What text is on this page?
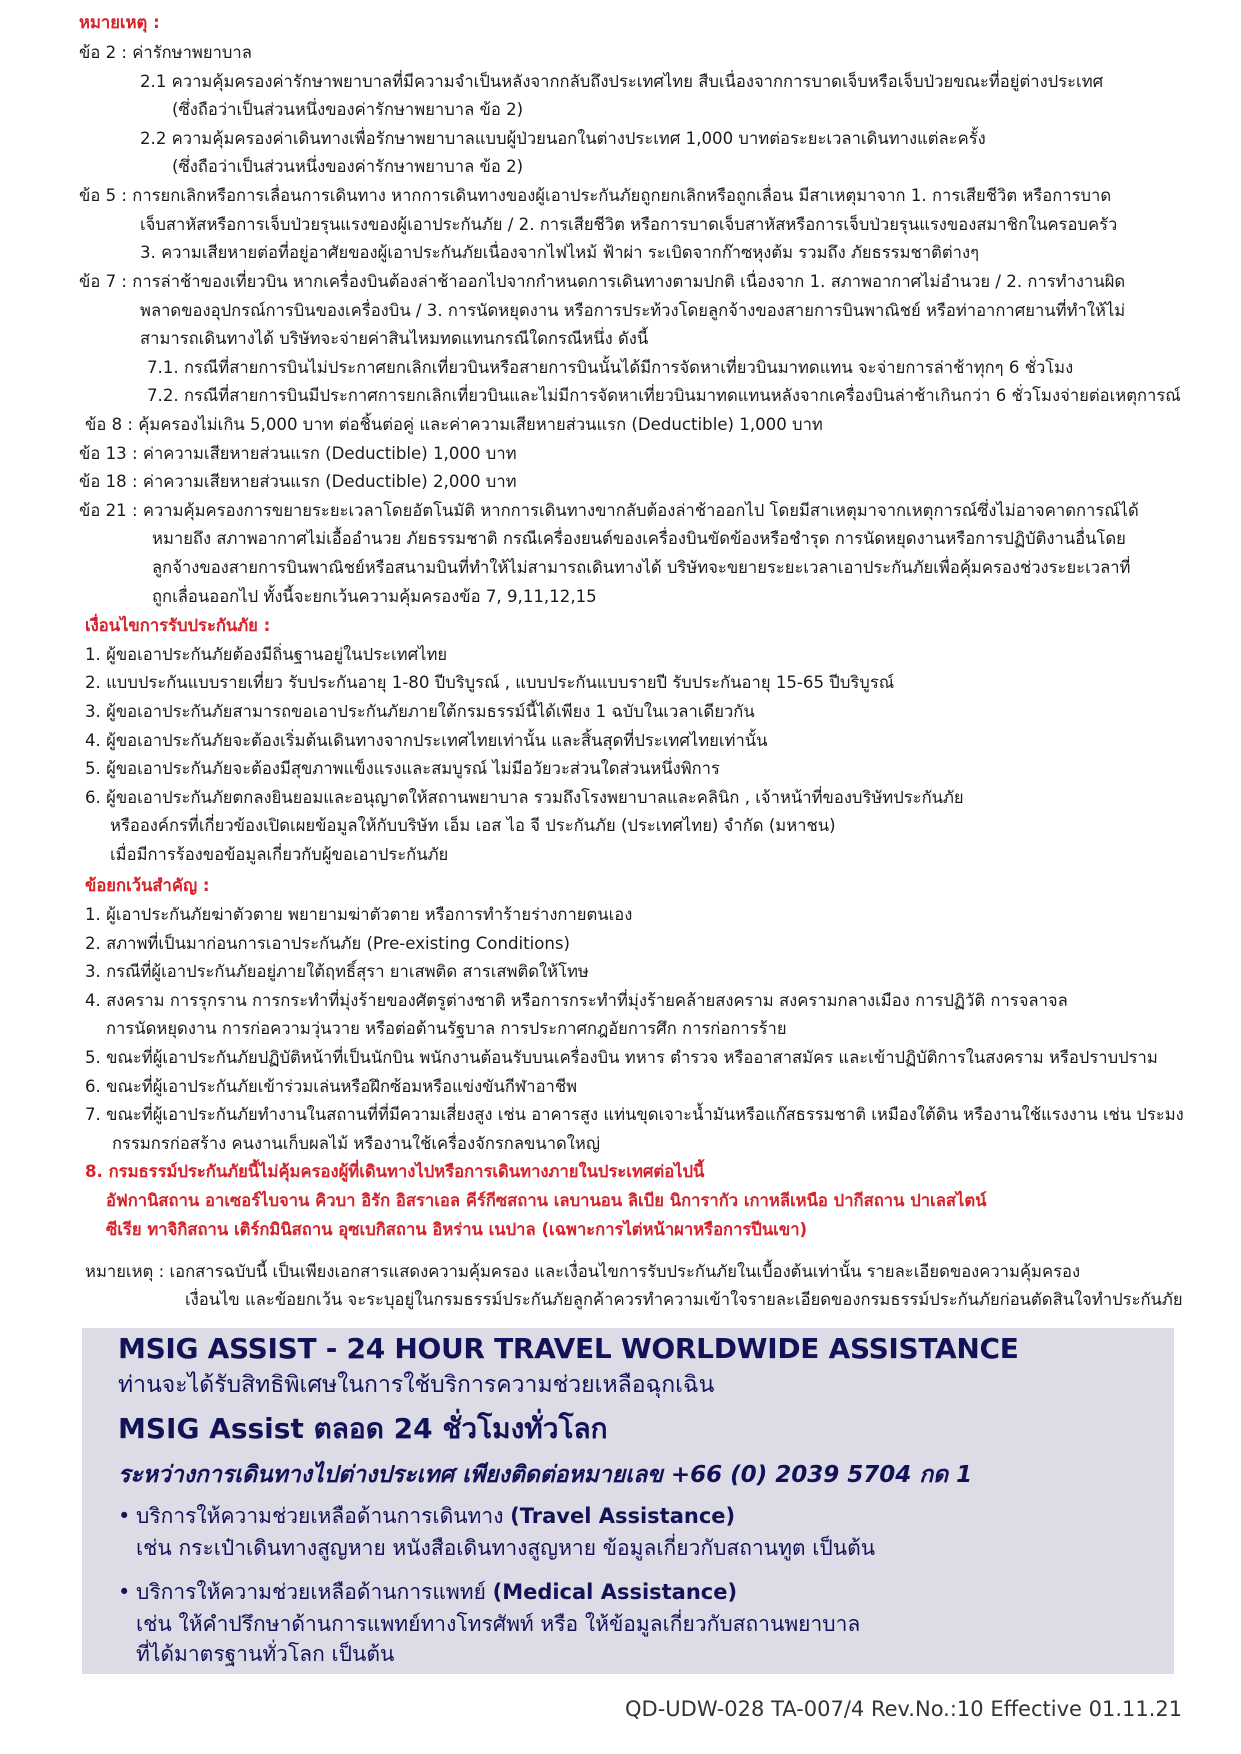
หมายเหตุ :
ข้อ 2 : ค่ารักษาพยาบาล
2.1 ความคุ้มครองค่ารักษาพยาบาลที่มีความจำเป็นหลังจากกลับถึงประเทศไทย สืบเนื่องจากการบาดเจ็บหรือเจ็บป่วยขณะที่อยู่ต่างประเทศ
(ซึ่งถือว่าเป็นส่วนหนึ่งของค่ารักษาพยาบาล ข้อ 2)
2.2 ความคุ้มครองค่าเดินทางเพื่อรักษาพยาบาลแบบผู้ป่วยนอกในต่างประเทศ 1,000 บาทต่อระยะเวลาเดินทางแต่ละครั้ง
(ซึ่งถือว่าเป็นส่วนหนึ่งของค่ารักษาพยาบาล ข้อ 2)
ข้อ 5 : การยกเลิกหรือการเลื่อนการเดินทาง หากการเดินทางของผู้เอาประกันภัยถูกยกเลิกหรือถูกเลื่อน มีสาเหตุมาจาก 1. การเสียชีวิต หรือการบาด
เจ็บสาหัสหรือการเจ็บป่วยรุนแรงของผู้เอาประกันภัย / 2. การเสียชีวิต หรือการบาดเจ็บสาหัสหรือการเจ็บป่วยรุนแรงของสมาชิกในครอบครัว
3. ความเสียหายต่อที่อยู่อาศัยของผู้เอาประกันภัยเนื่องจากไฟไหม้ ฟ้าผ่า ระเบิดจากก๊าซหุงต้ม รวมถึง ภัยธรรมชาติต่างๆ
ข้อ 7 : การล่าช้าของเที่ยวบิน หากเครื่องบินต้องล่าช้าออกไปจากกำหนดการเดินทางตามปกติ เนื่องจาก 1. สภาพอากาศไม่อำนวย / 2. การทำงานผิด
พลาดของอุปกรณ์การบินของเครื่องบิน / 3. การนัดหยุดงาน หรือการประท้วงโดยลูกจ้างของสายการบินพาณิชย์ หรือท่าอากาศยานที่ทำให้ไม่
สามารถเดินทางได้ บริษัทจะจ่ายค่าสินไหมทดแทนกรณีใดกรณีหนึ่ง ดังนี้
7.1. กรณีที่สายการบินไม่ประกาศยกเลิกเที่ยวบินหรือสายการบินนั้นได้มีการจัดหาเที่ยวบินมาทดแทน จะจ่ายการล่าช้าทุกๆ 6 ชั่วโมง
7.2. กรณีที่สายการบินมีประกาศการยกเลิกเที่ยวบินและไม่มีการจัดหาเที่ยวบินมาทดแทนหลังจากเครื่องบินล่าช้าเกินกว่า 6 ชั่วโมงจ่ายต่อเหตุการณ์
ข้อ 8 : คุ้มครองไม่เกิน 5,000 บาท ต่อชิ้นต่อคู่ และค่าความเสียหายส่วนแรก (Deductible) 1,000 บาท
ข้อ 13 : ค่าความเสียหายส่วนแรก (Deductible) 1,000 บาท
ข้อ 18 : ค่าความเสียหายส่วนแรก (Deductible) 2,000 บาท
ข้อ 21 : ความคุ้มครองการขยายระยะเวลาโดยอัตโนมัติ หากการเดินทางขากลับต้องล่าช้าออกไป โดยมีสาเหตุมาจากเหตุการณ์ซึ่งไม่อาจคาดการณ์ได้
หมายถึง สภาพอากาศไม่เอื้ออำนวย ภัยธรรมชาติ กรณีเครื่องยนต์ของเครื่องบินขัดข้องหรือชำรุด การนัดหยุดงานหรือการปฏิบัติงานอื่นโดย
ลูกจ้างของสายการบินพาณิชย์หรือสนามบินที่ทำให้ไม่สามารถเดินทางได้ บริษัทจะขยายระยะเวลาเอาประกันภัยเพื่อคุ้มครองช่วงระยะเวลาที่
ถูกเลื่อนออกไป ทั้งนี้จะยกเว้นความคุ้มครองข้อ 7, 9,11,12,15
เงื่อนไขการรับประกันภัย :
1. ผู้ขอเอาประกันภัยต้องมีถิ่นฐานอยู่ในประเทศไทย
2. แบบประกันแบบรายเที่ยว รับประกันอายุ 1-80 ปีบริบูรณ์ , แบบประกันแบบรายปี รับประกันอายุ 15-65 ปีบริบูรณ์
3. ผู้ขอเอาประกันภัยสามารถขอเอาประกันภัยภายใต้กรมธรรม์นี้ได้เพียง 1 ฉบับในเวลาเดียวกัน
4. ผู้ขอเอาประกันภัยจะต้องเริ่มต้นเดินทางจากประเทศไทยเท่านั้น และสิ้นสุดที่ประเทศไทยเท่านั้น
5. ผู้ขอเอาประกันภัยจะต้องมีสุขภาพแข็งแรงและสมบูรณ์ ไม่มีอวัยวะส่วนใดส่วนหนึ่งพิการ
6. ผู้ขอเอาประกันภัยตกลงยินยอมและอนุญาตให้สถานพยาบาล รวมถึงโรงพยาบาลและคลินิก , เจ้าหน้าที่ของบริษัทประกันภัย
หรือองค์กรที่เกี่ยวข้องเปิดเผยข้อมูลให้กับบริษัท เอ็ม เอส ไอ จี ประกันภัย (ประเทศไทย) จำกัด (มหาชน)
เมื่อมีการร้องขอข้อมูลเกี่ยวกับผู้ขอเอาประกันภัย
ข้อยกเว้นสำคัญ :
1. ผู้เอาประกันภัยฆ่าตัวตาย พยายามฆ่าตัวตาย หรือการทำร้ายร่างกายตนเอง
2. สภาพที่เป็นมาก่อนการเอาประกันภัย (Pre-existing Conditions)
3. กรณีที่ผู้เอาประกันภัยอยู่ภายใต้ฤทธิ์สุรา ยาเสพติด สารเสพติดให้โทษ
4. สงคราม การรุกราน การกระทำที่มุ่งร้ายของศัตรูต่างชาติ หรือการกระทำที่มุ่งร้ายคล้ายสงคราม สงครามกลางเมือง การปฏิวัติ การจลาจล
การนัดหยุดงาน การก่อความวุ่นวาย หรือต่อต้านรัฐบาล การประกาศกฎอัยการศึก การก่อการร้าย
5. ขณะที่ผู้เอาประกันภัยปฏิบัติหน้าที่เป็นนักบิน พนักงานต้อนรับบนเครื่องบิน ทหาร ตำรวจ หรืออาสาสมัคร และเข้าปฏิบัติการในสงคราม หรือปราบปราม
6. ขณะที่ผู้เอาประกันภัยเข้าร่วมเล่นหรือฝึกซ้อมหรือแข่งขันกีฬาอาชีพ
7. ขณะที่ผู้เอาประกันภัยทำงานในสถานที่ที่มีความเสี่ยงสูง เช่น อาคารสูง แท่นขุดเจาะน้ำมันหรือแก๊สธรรมชาติ เหมืองใต้ดิน หรืองานใช้แรงงาน เช่น ประมง
กรรมกรก่อสร้าง คนงานเก็บผลไม้ หรืองานใช้เครื่องจักรกลขนาดใหญ่
8. กรมธรรม์ประกันภัยนี้ไม่คุ้มครองผู้ที่เดินทางไปหรือการเดินทางภายในประเทศต่อไปนี้
อัฟกานิสถาน อาเซอร์ไบจาน คิวบา อิรัก อิสราเอล คีร์กีซสถาน เลบานอน ลิเบีย นิการากัว เกาหลีเหนือ ปากีสถาน ปาเลสไตน์
ซีเรีย ทาจิกิสถาน เติร์กมินิสถาน อุซเบกิสถาน อิหร่าน เนปาล (เฉพาะการไต่หน้าผาหรือการปีนเขา)
หมายเหตุ : เอกสารฉบับนี้ เป็นเพียงเอกสารแสดงความคุ้มครอง และเงื่อนไขการรับประกันภัยในเบื้องต้นเท่านั้น รายละเอียดของความคุ้มครอง
เงื่อนไข และข้อยกเว้น จะระบุอยู่ในกรมธรรม์ประกันภัยลูกค้าควรทำความเข้าใจรายละเอียดของกรมธรรม์ประกันภัยก่อนตัดสินใจทำประกันภัย
MSIG ASSIST - 24 HOUR TRAVEL WORLDWIDE ASSISTANCE
ท่านจะได้รับสิทธิพิเศษในการใช้บริการความช่วยเหลือฉุกเฉิน
MSIG Assist ตลอด 24 ชั่วโมงทั่วโลก
ระหว่างการเดินทางไปต่างประเทศ เพียงติดต่อหมายเลข +66 (0) 2039 5704 กด 1
• บริการให้ความช่วยเหลือด้านการเดินทาง (Travel Assistance)
เช่น กระเป๋าเดินทางสูญหาย หนังสือเดินทางสูญหาย ข้อมูลเกี่ยวกับสถานทูต เป็นต้น
• บริการให้ความช่วยเหลือด้านการแพทย์ (Medical Assistance)
เช่น ให้คำปรึกษาด้านการแพทย์ทางโทรศัพท์ หรือ ให้ข้อมูลเกี่ยวกับสถานพยาบาล
ที่ได้มาตรฐานทั่วโลก เป็นต้น
QD-UDW-028 TA-007/4 Rev.No.:10 Effective 01.11.21
